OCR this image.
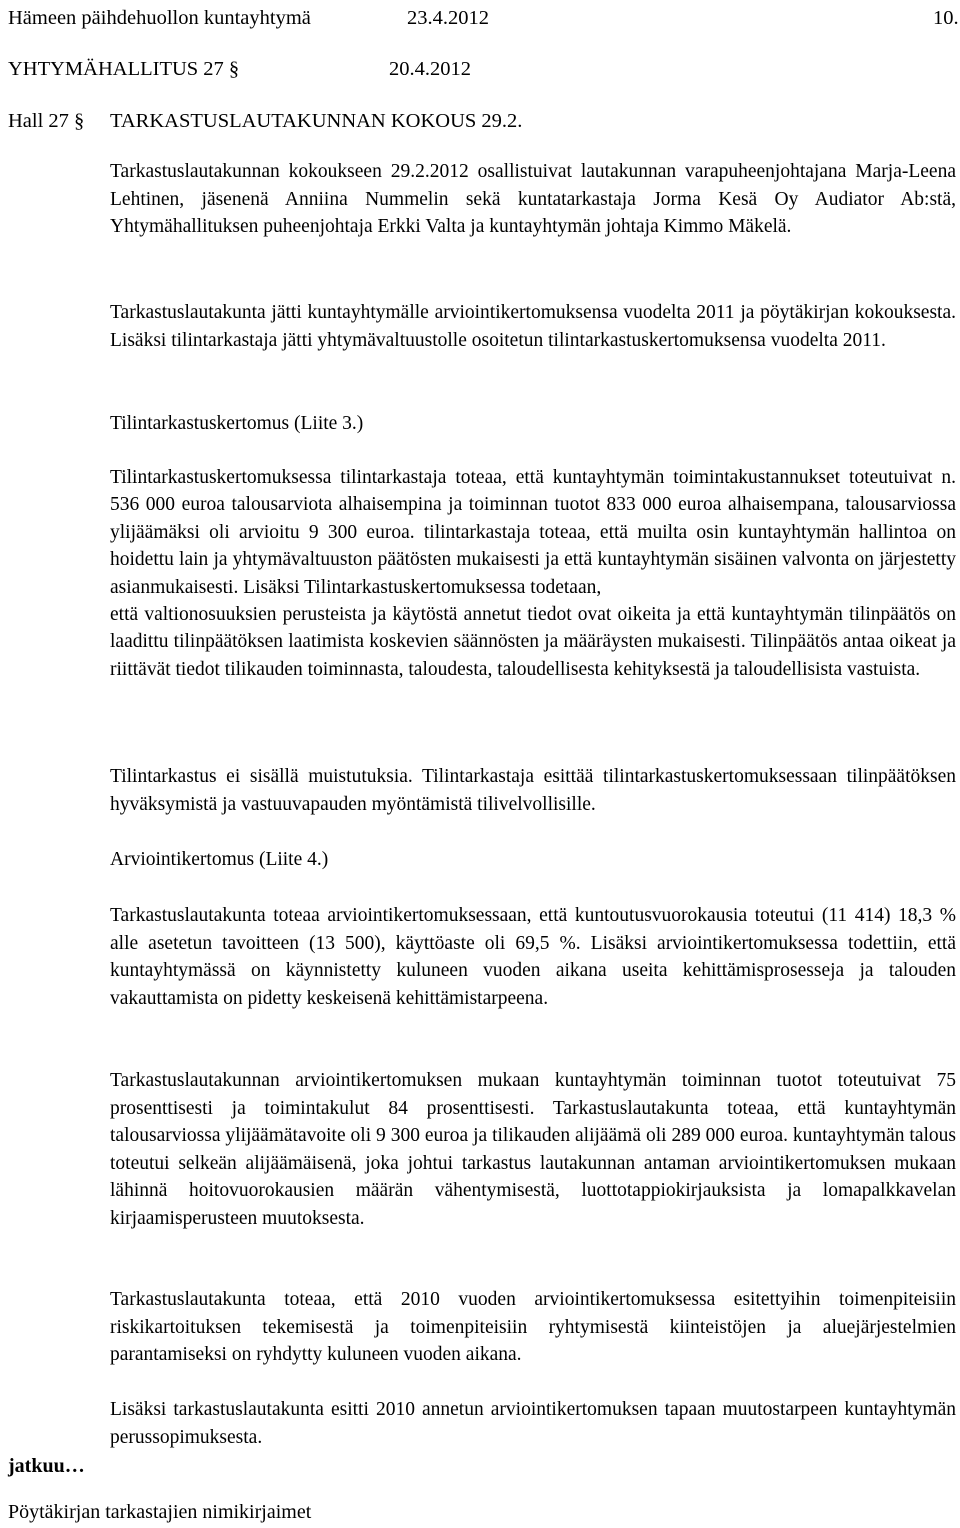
Hämeen päihdehuollon kuntayhtymä	23.4.2012	10.
YHTYMÄHALLITUS 27 §	20.4.2012
Hall 27 § TARKASTUSLAUTAKUNNAN KOKOUS 29.2.

Tarkastuslautakunnan kokoukseen 29.2.2012 osallistuivat lautakunnan varapuheenjohtajana Marja-Leena Lehtinen, jäsenenä Anniina Nummelin sekä kuntatarkastaja Jorma Kesä Oy Audiator Ab:stä, Yhtymähallituksen puheenjohtaja Erkki Valta ja kuntayhtymän johtaja Kimmo Mäkelä.

Tarkastuslautakunta jätti kuntayhtymälle arviointikertomuksensa vuodelta 2011 ja pöytäkirjan kokouksesta. Lisäksi tilintarkastaja jätti yhtymävaltuustolle osoitetun tilintarkastuskertomuksensa vuodelta 2011.

Tilintarkastuskertomus (Liite 3.)

Tilintarkastuskertomuksessa tilintarkastaja toteaa, että kuntayhtymän toimintakustannukset toteutuivat n. 536 000 euroa talousarviota alhaisempina ja toiminnan tuotot 833 000 euroa alhaisempana, talousarviossa ylijäämäksi oli arvioitu 9 300 euroa. tilintarkastaja toteaa, että muilta osin kuntayhtymän hallintoa on hoidettu lain ja yhtymävaltuuston päätösten mukaisesti ja että kuntayhtymän sisäinen valvonta on järjestetty asianmukaisesti. Lisäksi Tilintarkastuskertomuksessa todetaan,

että valtionosuuksien perusteista ja käytöstä annetut tiedot ovat oikeita ja että kuntayhtymän tilinpäätös on laadittu tilinpäätöksen laatimista koskevien säännösten ja määräysten mukaisesti. Tilinpäätös antaa oikeat ja riittävät tiedot tilikauden toiminnasta, taloudesta, taloudellisesta kehityksestä ja taloudellisista vastuista.

Tilintarkastus ei sisällä muistutuksia. Tilintarkastaja esittää tilintarkastuskertomuksessaan tilinpäätöksen hyväksymistä ja vastuuvapauden myöntämistä tilivelvollisille.

Arviointikertomus (Liite 4.)

Tarkastuslautakunta toteaa arviointikertomuksessaan, että kuntoutusvuorokausia toteutui (11 414) 18,3 % alle asetetun tavoitteen (13 500), käyttöaste oli 69,5 %. Lisäksi arviointikertomuksessa todettiin, että kuntayhtymässä on käynnistetty kuluneen vuoden aikana useita kehittämisprosesseja ja talouden vakauttamista on pidetty keskeisenä kehittämistarpeena.

Tarkastuslautakunnan arviointikertomuksen mukaan kuntayhtymän toiminnan tuotot toteutuivat 75 prosenttisesti ja toimintakulut 84 prosenttisesti. Tarkastuslautakunta toteaa, että kuntayhtymän talousarviossa ylijäämätavoite oli 9 300 euroa ja tilikauden alijäämä oli 289 000 euroa. kuntayhtymän talous toteutui selkeän alijäämäisenä, joka johtui tarkastus lautakunnan antaman arviointikertomuksen mukaan lähinnä hoitovuorokausien määrän vähentymisestä, luottotappiokirjauksista ja lomapalkkavelan kirjaamisperusteen muutoksesta.

Tarkastuslautakunta toteaa, että 2010 vuoden arviointikertomuksessa esitettyihin toimenpiteisiin riskikartoituksen tekemisestä ja toimenpiteisiin ryhtymisestä kiinteistöjen ja aluejärjestelmien parantamiseksi on ryhdytty kuluneen vuoden aikana.

Lisäksi tarkastuslautakunta esitti 2010 annetun arviointikertomuksen tapaan muutostarpeen kuntayhtymän perussopimuksesta.

jatkuu…
Pöytäkirjan tarkastajien nimikirjaimet
